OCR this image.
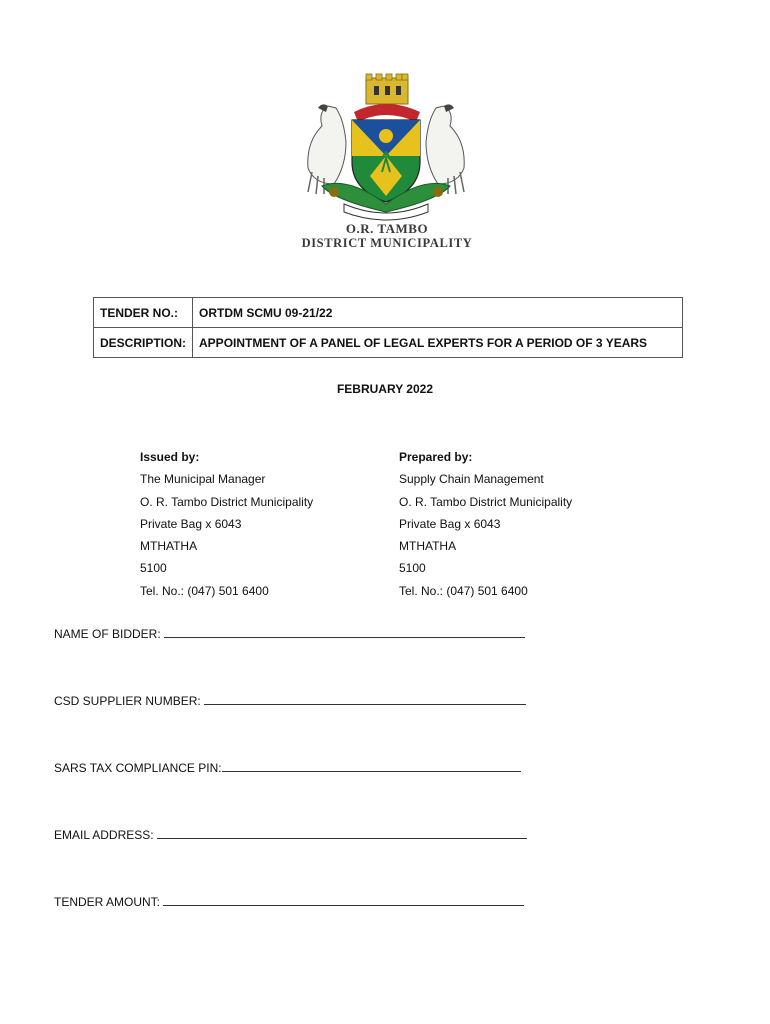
O.R. TAMBO
DISTRICT MUNICIPALITY
TENDER NO.:	ORTDM SCMU 09-21/22
DESCRIPTION:	APPOINTMENT OF A PANEL OF LEGAL EXPERTS FOR A PERIOD OF 3 YEARS
FEBRUARY 2022
Issued by:
The Municipal Manager
O. R. Tambo District Municipality
Private Bag x 6043
MTHATHA
5100
Tel. No.: (047) 501 6400
Prepared by:
Supply Chain Management
O. R. Tambo District Municipality
Private Bag x 6043
MTHATHA
5100
Tel. No.: (047) 501 6400
NAME OF BIDDER:
CSD SUPPLIER NUMBER:
SARS TAX COMPLIANCE PIN:
EMAIL ADDRESS:
TENDER AMOUNT:
